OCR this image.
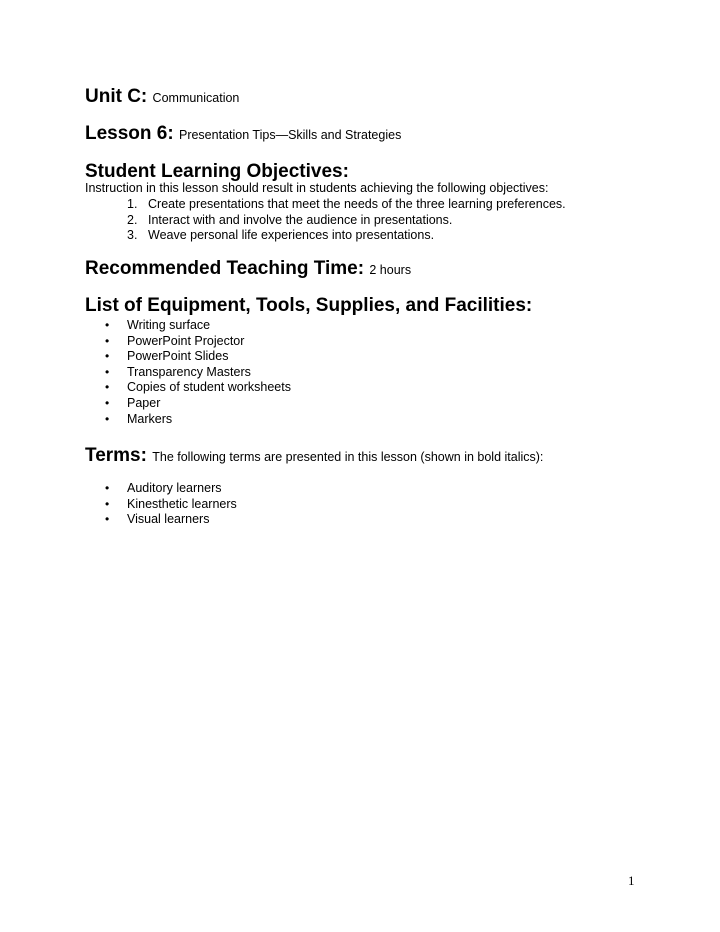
Unit C: Communication
Lesson 6: Presentation Tips—Skills and Strategies
Student Learning Objectives:
Instruction in this lesson should result in students achieving the following objectives:
1. Create presentations that meet the needs of the three learning preferences.
2. Interact with and involve the audience in presentations.
3. Weave personal life experiences into presentations.
Recommended Teaching Time: 2 hours
List of Equipment, Tools, Supplies, and Facilities:
• Writing surface
• PowerPoint Projector
• PowerPoint Slides
• Transparency Masters
• Copies of student worksheets
• Paper
• Markers
Terms: The following terms are presented in this lesson (shown in bold italics):
• Auditory learners
• Kinesthetic learners
• Visual learners
1
